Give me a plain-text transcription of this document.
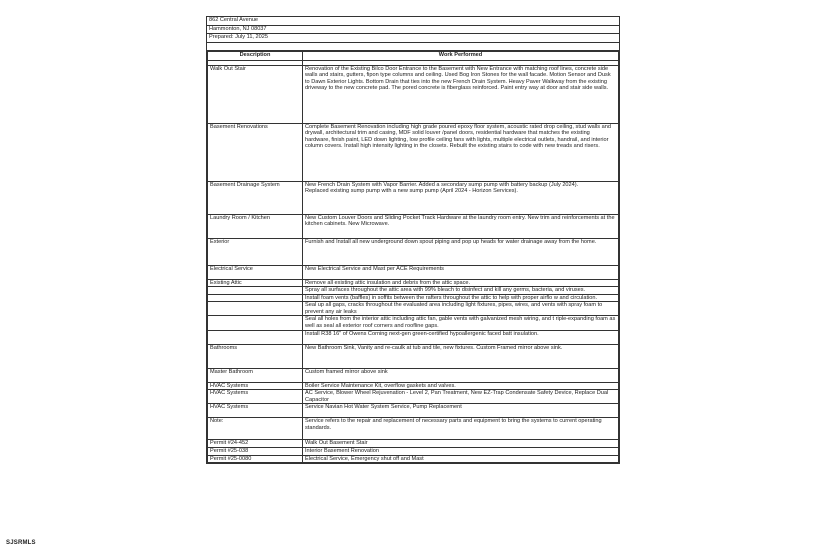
862 Central Avenue
Hammonton, NJ 08037
Prepared: July 11, 2025
Description	Work Performed

Walk Out Stair	Renovation of the Existing Bilco Door Entrance to the Basement with New Entrance with matching roof lines, concrete side walls and stairs, gutters, fipon type columns and ceiling. Used Bog Iron Stones for the wall facade. Motion Sensor and Dusk to Dawn Exterior Lights. Bottom Drain that ties into the new French Drain System. Heavy Paver Walkway from the existing driveway to the new concrete pad. The pored concrete is fiberglass reinforced. Paint entry way at door and stair side walls.
Basement Renovations	Complete Basement Renovation including high grade poured epoxy floor system, acoustic rated drop ceiling, stud walls and drywall, architectural trim and casing, MDF solid louver /panel doors, residential hardware that matches the existing hardware, finish paint, LED down lighting, low profile ceiling fans with lights, multiple electrical outlets, handrail, and interior column covers. Install high intensity lighting in the closets. Rebuilt the existing stairs to code with new treads and risers.
Basement Drainage System	New French Drain System with Vapor Barrier. Added a secondary sump pump with battery backup (July 2024).
Replaced existing sump pump with a new sump pump (April 2024 - Horizon Services).
Laundry Room / Kitchen	New Custom Louver Doors and Sliding Pocket Track Hardware at the laundry room entry. New trim and reinforcements at the kitchen cabinets. New Microwave.
Exterior	Furnish and Install all new underground down spout piping and pop up heads for water drainage away from the home.
Electrical Service	New Electrical Service and Mast per ACE Requirements
Existing Attic	Remove all existing attic insulation and debris from the attic space.
	Spray all surfaces throughout the attic area with 99% bleach to disinfect and kill any germs, bacteria, and viruses.
	Install foam vents (baffles) in soffits between the rafters throughout the attic to help with proper airflo w and circulation.
	Seal up all gaps, cracks throughout the evaluated area including light fixtures, pipes, wires, and vents with spray foam to prevent any air leaks
	Seal all holes from the interior attic including attic fan, gable vents with galvanized mesh wiring, and t riple-expanding foam as well as seal all exterior roof corners and roofline gaps.
	Install R38 16" of Owens Corning next-gen green-certified hypoallergenic faced batt insulation.
Bathrooms	New Bathroom Sink, Vanity and re-caulk at tub and tile, new fixtures. Custom Framed mirror above sink.
Master Bathroom	Custom framed mirror above sink
HVAC Systems	Boiler Service Maintenance Kit, overflow gaskets and valves.
HVAC Systems	AC Service, Blower Wheel Rejuvenation - Level 2, Pan Treatment, New EZ-Trap Condensate Safety Device, Replace Dual Capacitor
HVAC Systems	Service Navian Hot Water System Service, Pump Replacement
Note:	Service refers to the repair and replacement of necessary parts and equipment to bring the systems to current operating standards.
Permit #24-452	Walk Out Basement Stair
Permit #25-038	Interior Basement Renovation
Permit #25-0080	Electrical Service, Emergency shut off and Mast
SJSRMLS
